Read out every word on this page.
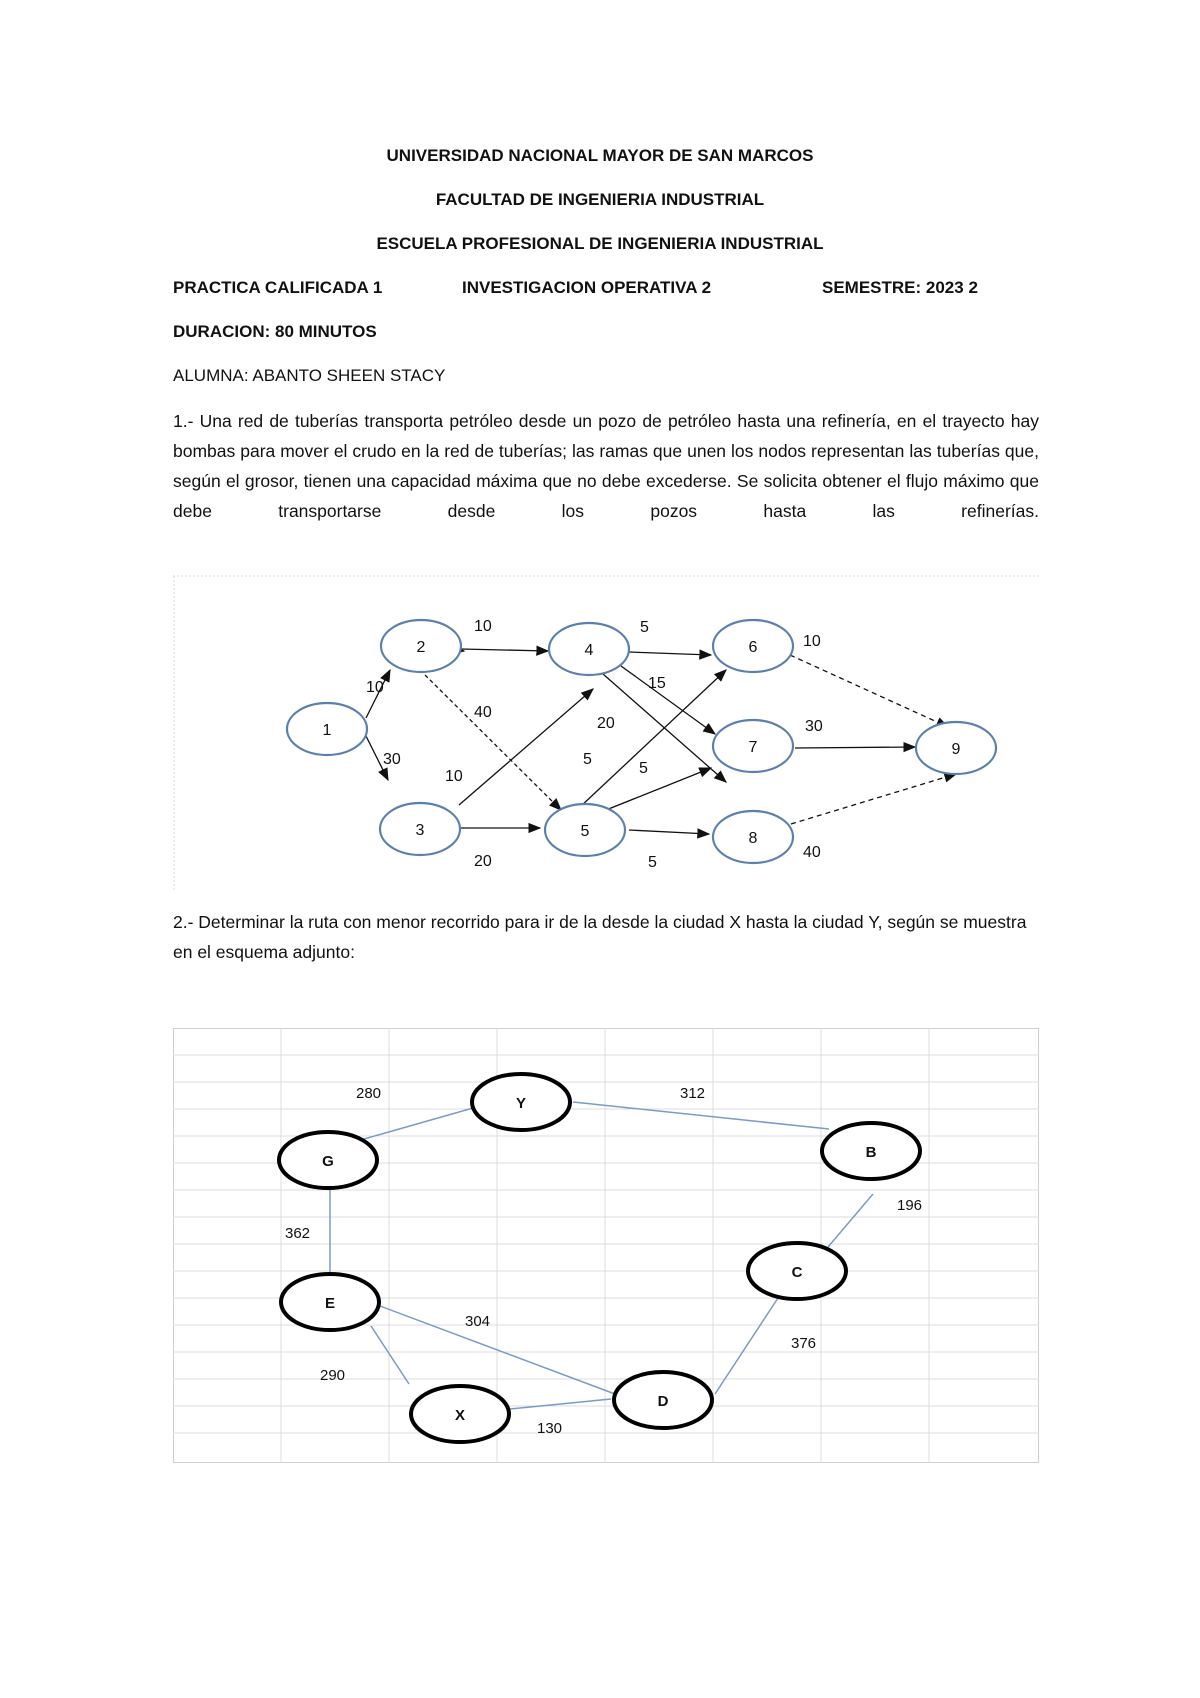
UNIVERSIDAD NACIONAL MAYOR DE SAN MARCOS
FACULTAD DE INGENIERIA INDUSTRIAL
ESCUELA PROFESIONAL DE INGENIERIA INDUSTRIAL
PRACTICA CALIFICADA 1	INVESTIGACION OPERATIVA 2	SEMESTRE: 2023 2
DURACION: 80 MINUTOS
ALUMNA: ABANTO SHEEN STACY
1.- Una red de tuberías transporta petróleo desde un pozo de petróleo hasta una refinería, en el trayecto hay bombas para mover el crudo en la red de tuberías; las ramas que unen los nodos representan las tuberías que, según el grosor, tienen una capacidad máxima que no debe excederse. Se solicita obtener el flujo máximo que debe transportarse desde los pozos hasta las refinerías.
1
2
3
4
5
6
7
8
9
10
30
10
40
10
20
5
15
20
5
5
5
10
30
40
2.- Determinar la ruta con menor recorrido para ir de la desde la ciudad X hasta la ciudad Y, según se muestra en el esquema adjunto:
Y
G
B
C
E
X
D
280	312
196
362
304
376
290
130
